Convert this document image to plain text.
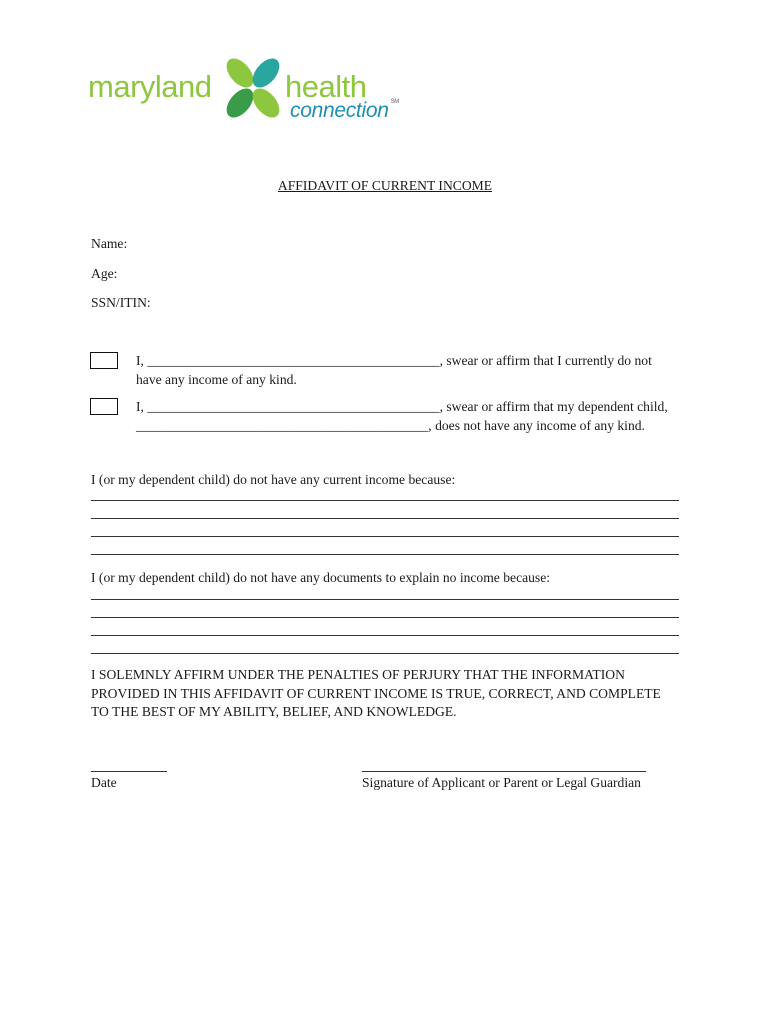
maryland health
connection ℠
AFFIDAVIT OF CURRENT INCOME
Name:
Age:
SSN/ITIN:
I, ___________________________________________, swear or affirm that I currently do not
have any income of any kind.
I, ___________________________________________, swear or affirm that my dependent child,
___________________________________________, does not have any income of any kind.
I (or my dependent child) do not have any current income because:
I (or my dependent child) do not have any documents to explain no income because:
I SOLEMNLY AFFIRM UNDER THE PENALTIES OF PERJURY THAT THE INFORMATION
PROVIDED IN THIS AFFIDAVIT OF CURRENT INCOME IS TRUE, CORRECT, AND COMPLETE
TO THE BEST OF MY ABILITY, BELIEF, AND KNOWLEDGE.
Date	Signature of Applicant or Parent or Legal Guardian
